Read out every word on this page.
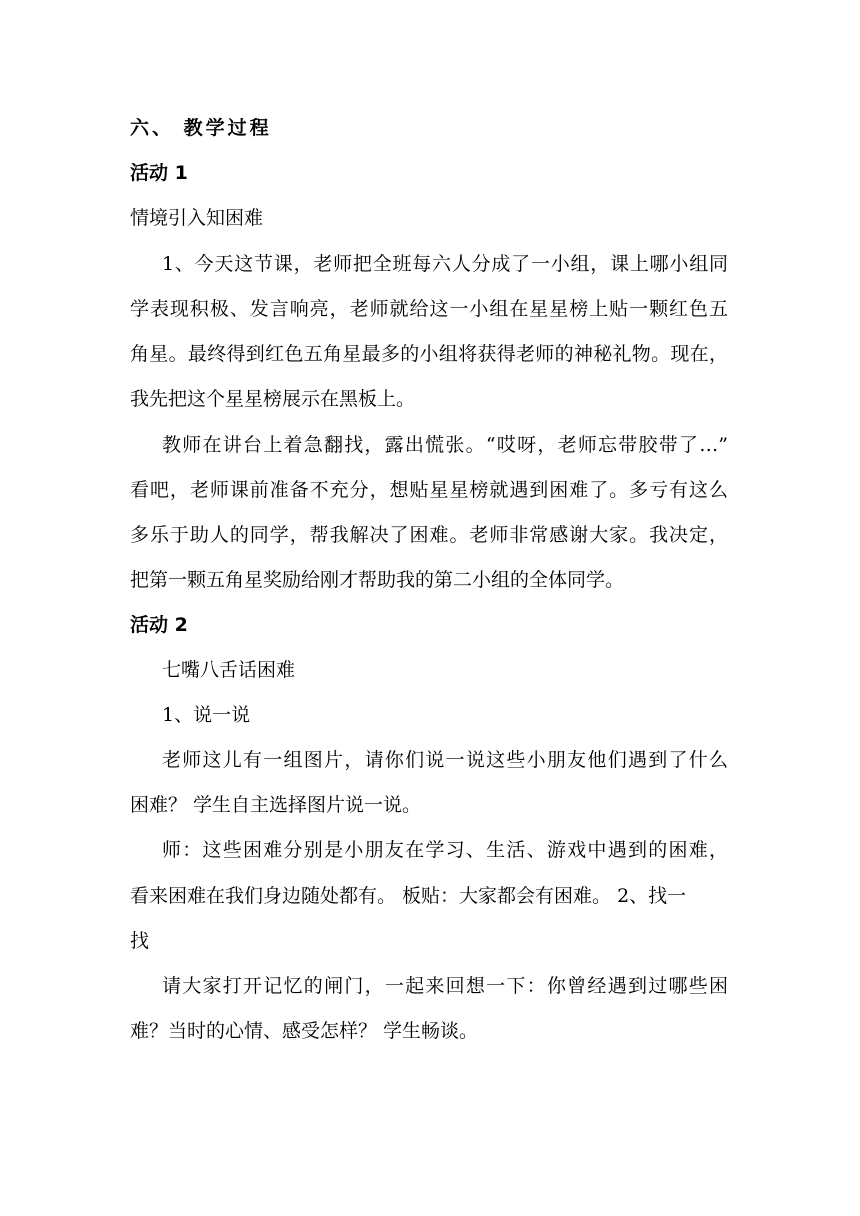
六、 教学过程
活动 1
情境引入知困难
1、今天这节课，老师把全班每六人分成了一小组，课上哪小组同
学表现积极、发言响亮，老师就给这一小组在星星榜上贴一颗红色五
角星。最终得到红色五角星最多的小组将获得老师的神秘礼物。现在，
我先把这个星星榜展示在黑板上。
教师在讲台上着急翻找，露出慌张。“哎呀，老师忘带胶带了…”
看吧，老师课前准备不充分，想贴星星榜就遇到困难了。多亏有这么
多乐于助人的同学，帮我解决了困难。老师非常感谢大家。我决定，
把第一颗五角星奖励给刚才帮助我的第二小组的全体同学。
活动 2
七嘴八舌话困难
1、说一说
老师这儿有一组图片，请你们说一说这些小朋友他们遇到了什么
困难？ 学生自主选择图片说一说。
师：这些困难分别是小朋友在学习、生活、游戏中遇到的困难，
看来困难在我们身边随处都有。 板贴：大家都会有困难。 2、找一
找
请大家打开记忆的闸门，一起来回想一下：你曾经遇到过哪些困
难？当时的心情、感受怎样？ 学生畅谈。
